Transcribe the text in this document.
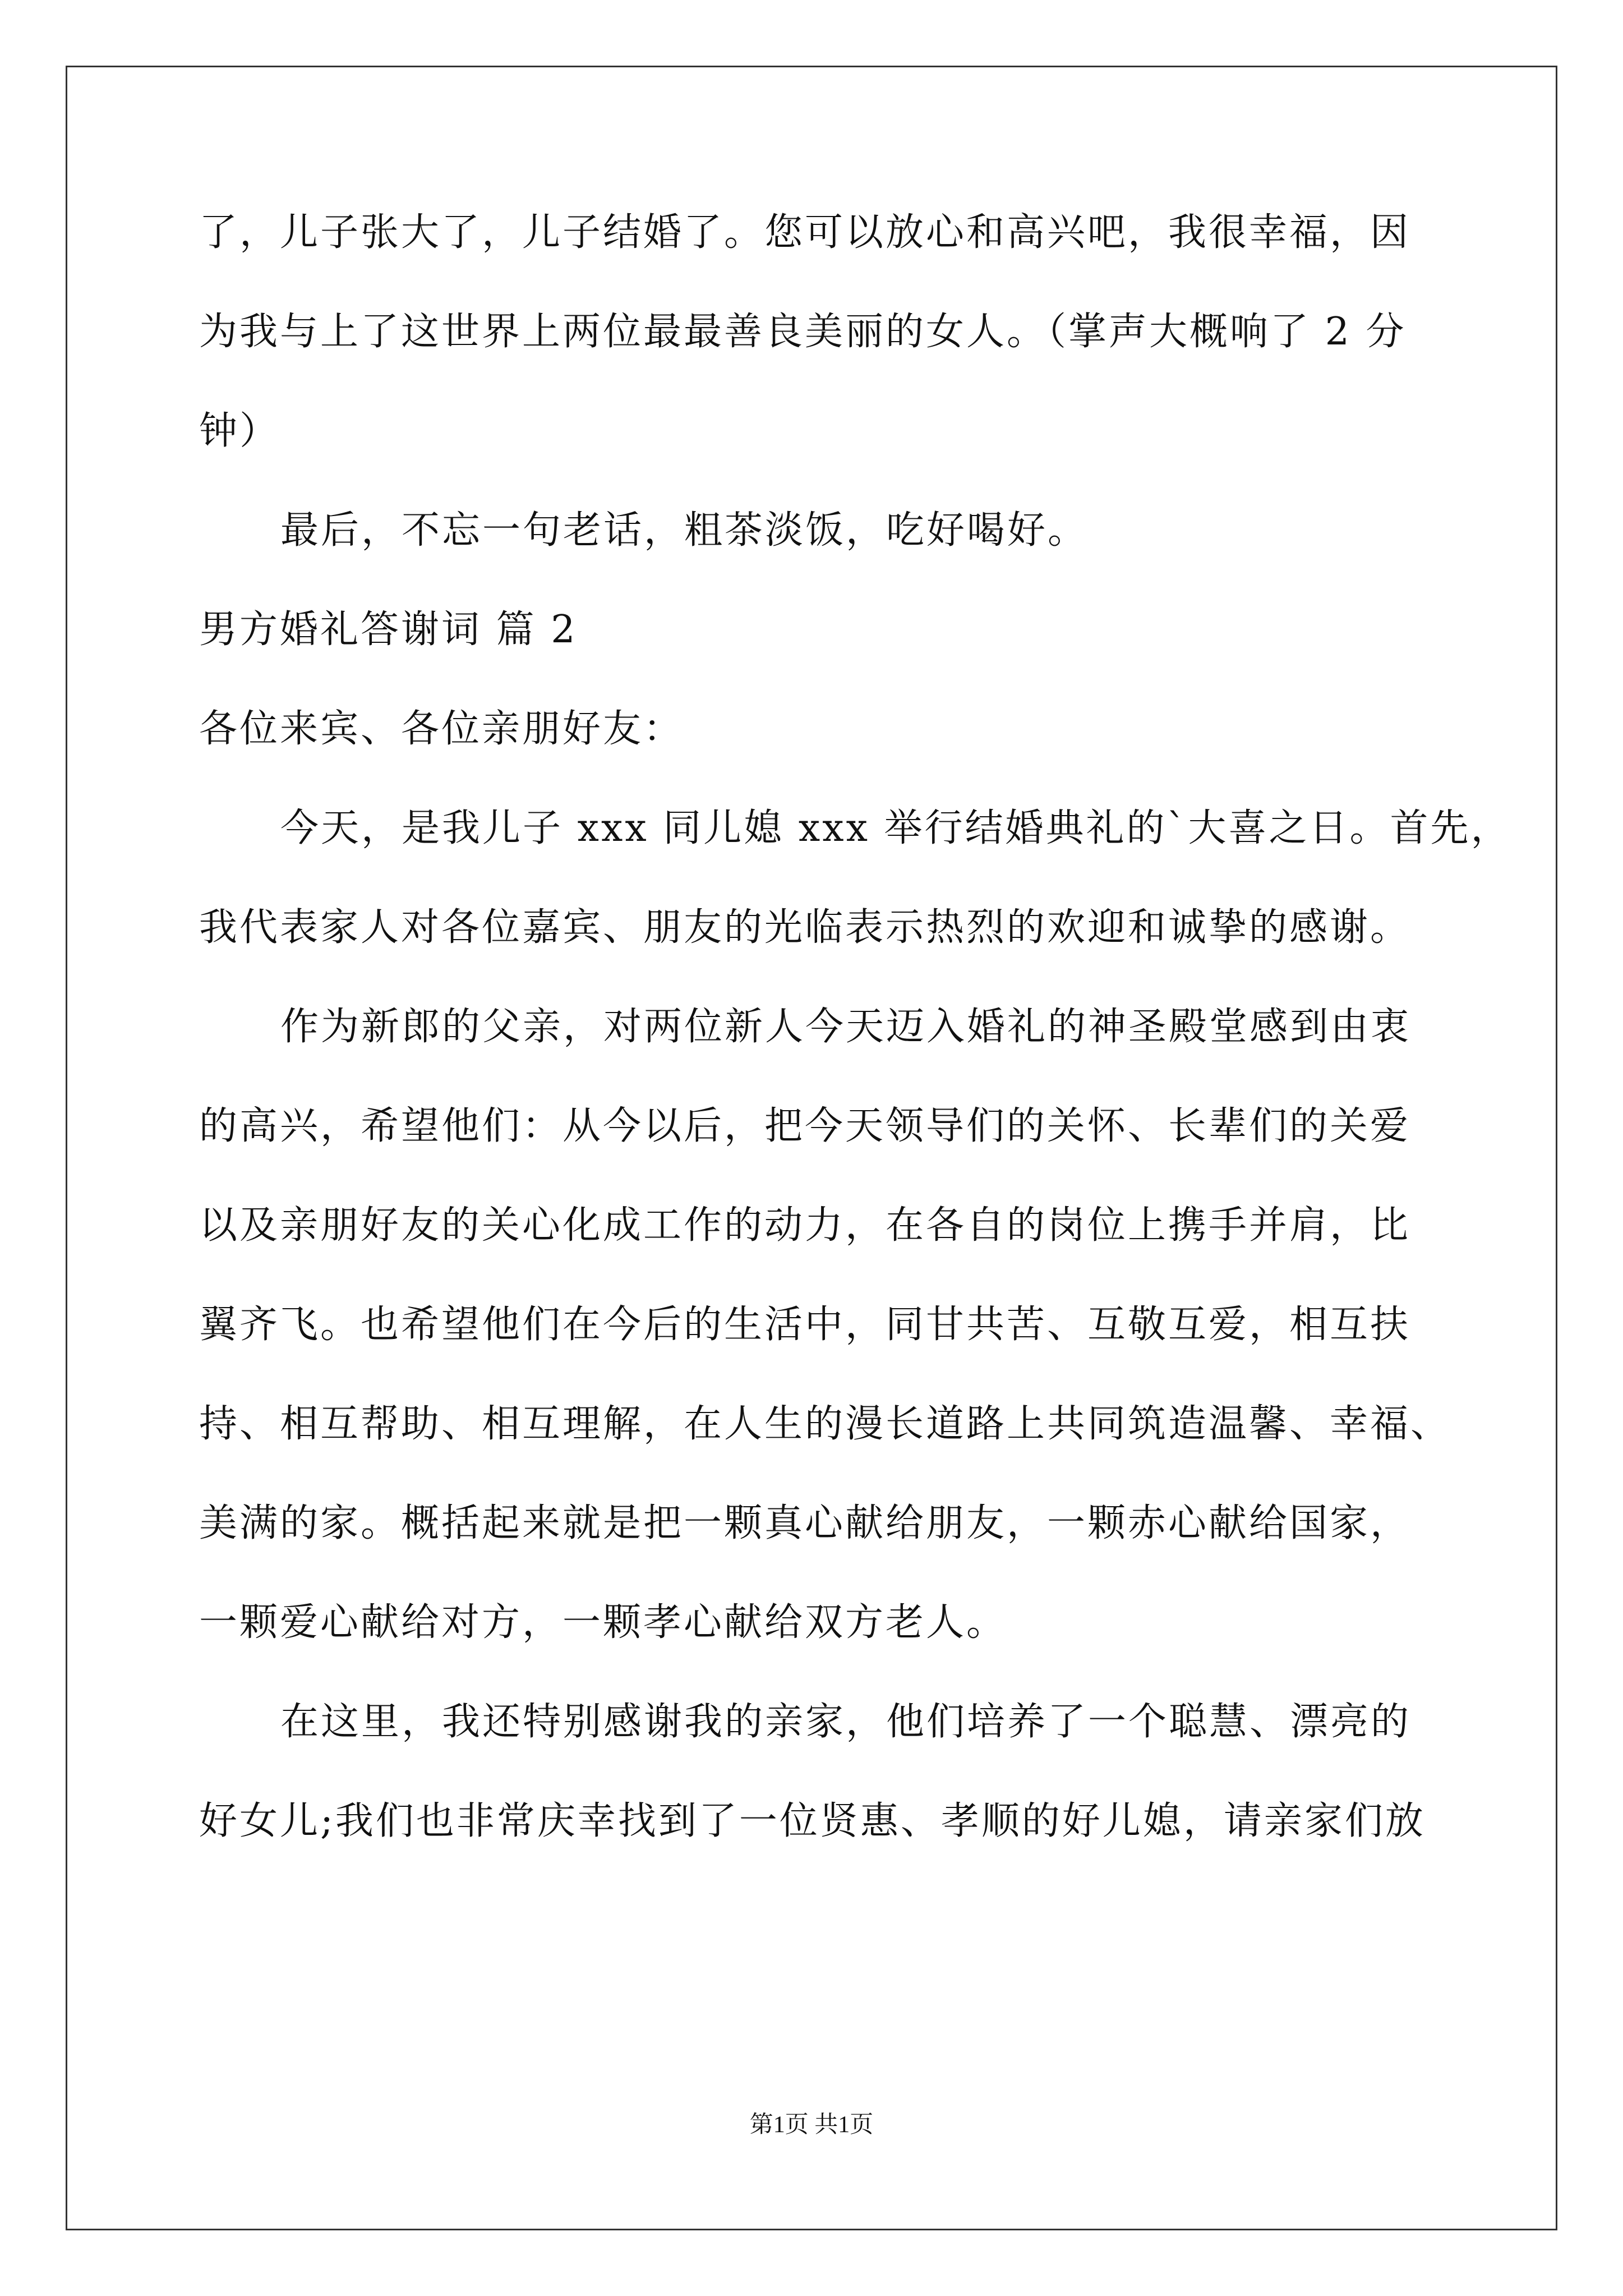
了，儿子张大了，儿子结婚了。您可以放心和高兴吧，我很幸福，因
为我与上了这世界上两位最最善良美丽的女人。（掌声大概响了 2 分
钟）
最后，不忘一句老话，粗茶淡饭，吃好喝好。
男方婚礼答谢词 篇 2
各位来宾、各位亲朋好友：
今天，是我儿子 xxx 同儿媳 xxx 举行结婚典礼的`大喜之日。首先，
我代表家人对各位嘉宾、朋友的光临表示热烈的欢迎和诚挚的感谢。
作为新郎的父亲，对两位新人今天迈入婚礼的神圣殿堂感到由衷
的高兴，希望他们：从今以后，把今天领导们的关怀、长辈们的关爱
以及亲朋好友的关心化成工作的动力，在各自的岗位上携手并肩，比
翼齐飞。也希望他们在今后的生活中，同甘共苦、互敬互爱，相互扶
持、相互帮助、相互理解，在人生的漫长道路上共同筑造温馨、幸福、
美满的家。概括起来就是把一颗真心献给朋友，一颗赤心献给国家，
一颗爱心献给对方，一颗孝心献给双方老人。
在这里，我还特别感谢我的亲家，他们培养了一个聪慧、漂亮的
好女儿;我们也非常庆幸找到了一位贤惠、孝顺的好儿媳，请亲家们放
第1页 共1页
